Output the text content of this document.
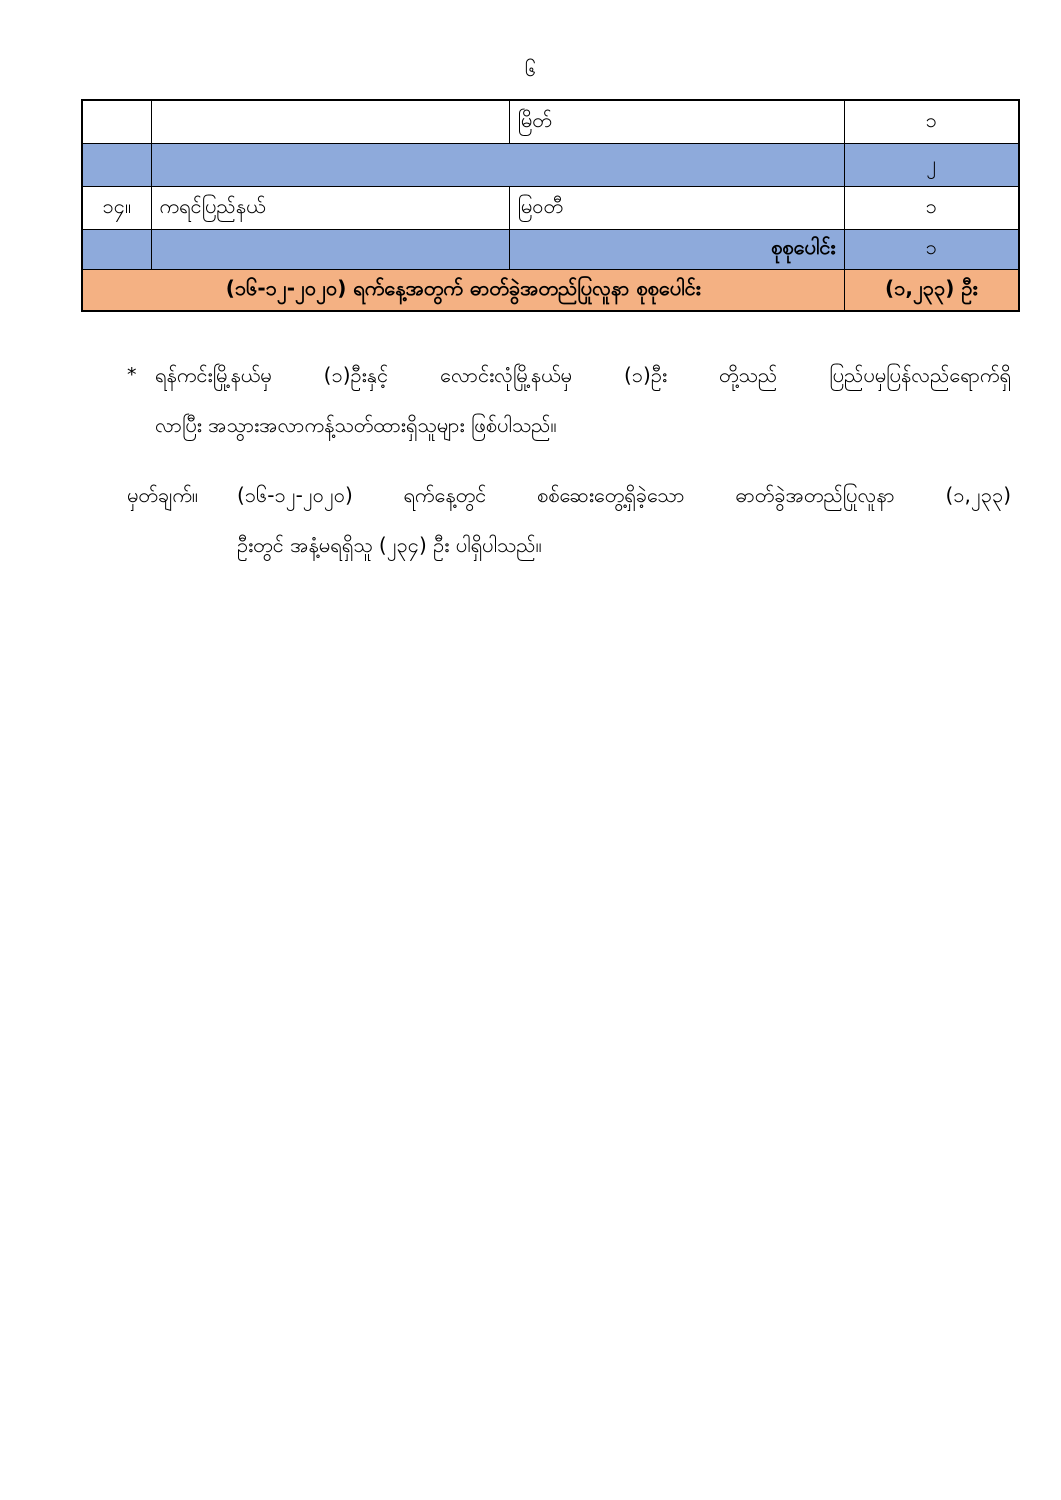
၆
		မြိတ်	၁
			၂
၁၄။	ကရင်ပြည်နယ်	မြဝတီ	၁
		စုစုပေါင်း	၁
(၁၆-၁၂-၂၀၂၀) ရက်နေ့အတွက် ဓာတ်ခွဲအတည်ပြုလူနာ စုစုပေါင်း			(၁,၂၃၃) ဦး
* ရန်ကင်းမြို့နယ်မှ (၁)ဦးနှင့် လောင်းလုံမြို့နယ်မှ (၁)ဦး တို့သည် ပြည်ပမှပြန်လည်ရောက်ရှိ
လာပြီး အသွားအလာကန့်သတ်ထားရှိသူများ ဖြစ်ပါသည်။
မှတ်ချက်။	(၁၆-၁၂-၂၀၂၀) ရက်နေ့တွင် စစ်ဆေးတွေ့ရှိခဲ့သော ဓာတ်ခွဲအတည်ပြုလူနာ (၁,၂၃၃)
ဦးတွင် အနံ့မရရှိသူ (၂၃၄) ဦး ပါရှိပါသည်။
